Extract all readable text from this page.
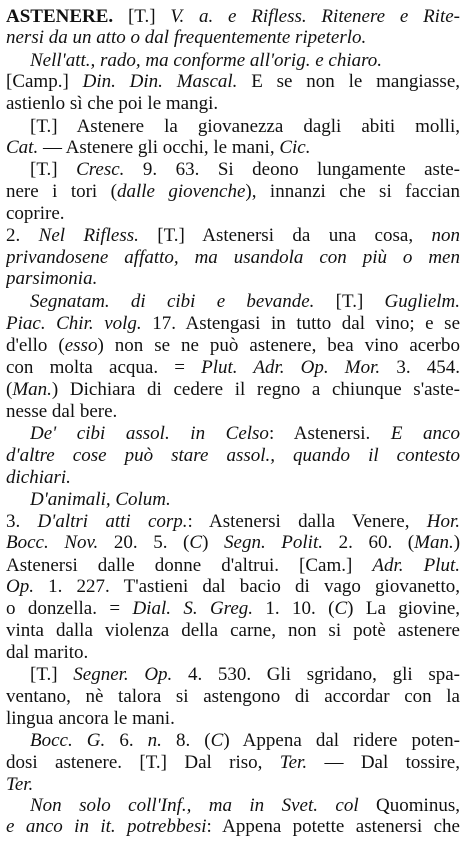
ASTENERE. [T.] V. a. e Rifless. Ritenere e Rite-
nersi da un atto o dal frequentemente ripeterlo.
Nell'att., rado, ma conforme all'orig. e chiaro.
[Camp.] Din. Din. Mascal. E se non le mangiasse,
astienlo sì che poi le mangi.
[T.] Astenere la giovanezza dagli abiti molli,
Cat. — Astenere gli occhi, le mani, Cic.
[T.] Cresc. 9. 63. Si deono lungamente aste-
nere i tori (dalle giovenche), innanzi che si faccian
coprire.
2. Nel Rifless. [T.] Astenersi da una cosa, non
privandosene affatto, ma usandola con più o men
parsimonia.
Segnatam. di cibi e bevande. [T.] Guglielm.
Piac. Chir. volg. 17. Astengasi in tutto dal vino; e se
d'ello (esso) non se ne può astenere, bea vino acerbo
con molta acqua. = Plut. Adr. Op. Mor. 3. 454.
(Man.) Dichiara di cedere il regno a chiunque s'aste-
nesse dal bere.
De' cibi assol. in Celso: Astenersi. E anco
d'altre cose può stare assol., quando il contesto
dichiari.
D'animali, Colum.
3. D'altri atti corp.: Astenersi dalla Venere, Hor.
Bocc. Nov. 20. 5. (C) Segn. Polit. 2. 60. (Man.)
Astenersi dalle donne d'altrui. [Cam.] Adr. Plut.
Op. 1. 227. T'astieni dal bacio di vago giovanetto,
o donzella. = Dial. S. Greg. 1. 10. (C) La giovine,
vinta dalla violenza della carne, non si potè astenere
dal marito.
[T.] Segner. Op. 4. 530. Gli sgridano, gli spa-
ventano, nè talora si astengono di accordar con la
lingua ancora le mani.
Bocc. G. 6. n. 8. (C) Appena dal ridere poten-
dosi astenere. [T.] Dal riso, Ter. — Dal tossire,
Ter.
Non solo coll'Inf., ma in Svet. col Quominus,
e anco in it. potrebbesi: Appena potette astenersi che
